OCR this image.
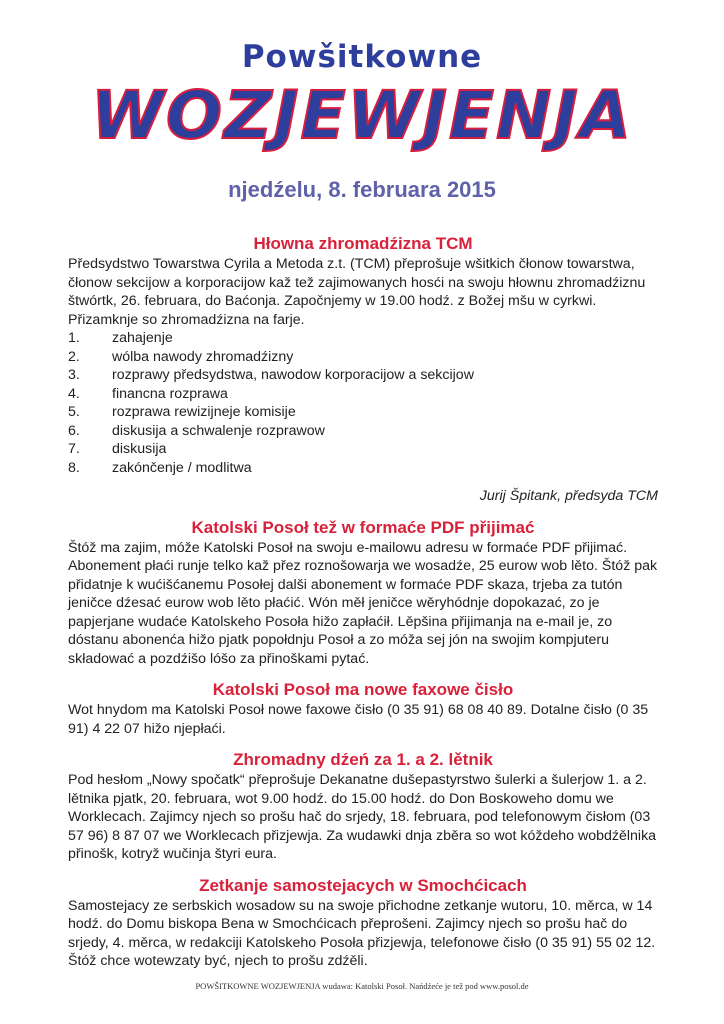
Powšitkowne
WOZJEWJENJA
njedźelu, 8. februara 2015
Hłowna zhromadźizna TCM

Předsydstwo Towarstwa Cyrila a Metoda z.t. (TCM) přeprošuje wšitkich čłonow towarstwa, čłonow sekcijow a korporacijow kaž tež zajimowanych hosći na swoju hłownu zhromadźiznu štwórtk, 26. februara, do Baćonja. Započnjemy w 19.00 hodź. z Božej mšu w cyrkwi. Přizamknje so zhromadźizna na farje.

1.	zahajenje
2.	wólba nawody zhromadźizny
3.	rozprawy předsydstwa, nawodow korporacijow a sekcijow
4.	financna rozprawa
5.	rozprawa rewizijneje komisije
6.	diskusija a schwalenje rozprawow
7.	diskusija
8.	zakónčenje / modlitwa
Jurij Špitank, předsyda TCM
Katolski Posoł tež w formaće PDF přijimać

Štóž ma zajim, móže Katolski Posoł na swoju e-mailowu adresu w formaće PDF přijimać. Abonement płaći runje telko kaž přez roznošowarja we wosadźe, 25 eurow wob lěto. Štóž pak přidatnje k wućišćanemu Posołej dalši abonement w formaće PDF skaza, trjeba za tutón jeničce dźesać eurow wob lěto płaćić. Wón měł jeničce wěryhódnje dopokazać, zo je papjerjane wudaće Katolskeho Posoła hižo zapłaćił. Lěpšina přijimanja na e-mail je, zo dóstanu abonenća hižo pjatk popołdnju Posoł a zo móža sej jón na swojim kompjuteru składować a pozdźišo lóšo za přinoškami pytać.

Katolski Posoł ma nowe faxowe čisło

Wot hnydom ma Katolski Posoł nowe faxowe čisło (0 35 91) 68 08 40 89. Dotalne čisło (0 35 91) 4 22 07 hižo njepłaći.

Zhromadny dźeń za 1. a 2. lětnik

Pod hesłom „Nowy spočatk“ přeprošuje Dekanatne dušepastyrstwo šulerki a šulerjow 1. a 2. lětnika pjatk, 20. februara, wot 9.00 hodź. do 15.00 hodź. do Don Boskoweho domu we Worklecach. Zajimcy njech so prošu hač do srjedy, 18. februara, pod telefonowym čisłom (03 57 96) 8 87 07 we Worklecach přizjewja. Za wudawki dnja zběra so wot kóždeho wobdźělnika přinošk, kotryž wučinja štyri eura.

Zetkanje samostejacych w Smochćicach

Samostejacy ze serbskich wosadow su na swoje přichodne zetkanje wutoru, 10. měrca, w 14 hodź. do Domu biskopa Bena w Smochćicach přeprošeni. Zajimcy njech so prošu hač do srjedy, 4. měrca, w redakciji Katolskeho Posoła přizjewja, telefonowe čisło (0 35 91) 55 02 12. Štóž chce wotewzaty być, njech to prošu zdźěli.

POWŠITKOWNE WOZJEWJENJA wudawa: Katolski Posoł. Nańdźeće je tež pod www.posol.de
